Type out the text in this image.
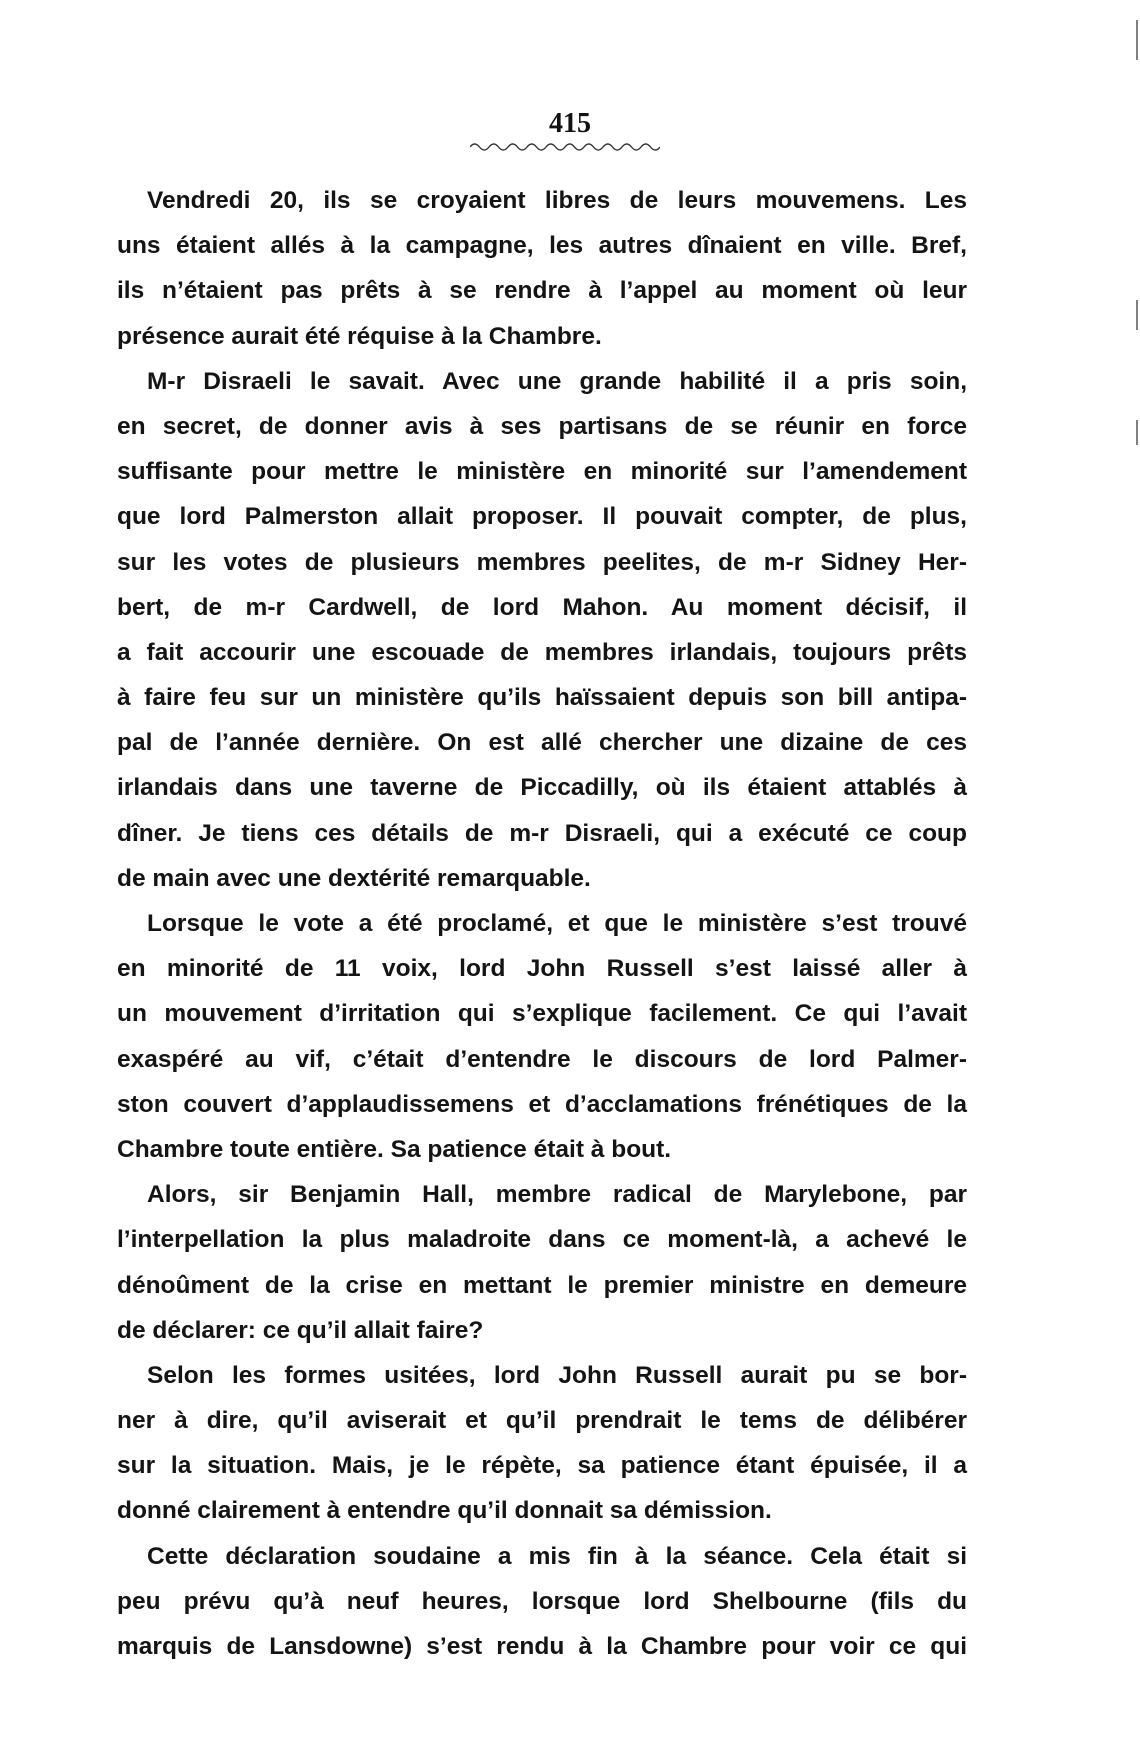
415
Vendredi 20, ils se croyaient libres de leurs mouvemens. Les
uns étaient allés à la campagne, les autres dînaient en ville. Bref,
ils n’étaient pas prêts à se rendre à l’appel au moment où leur
présence aurait été réquise à la Chambre.
M-r Disraeli le savait. Avec une grande habilité il a pris soin,
en secret, de donner avis à ses partisans de se réunir en force
suffisante pour mettre le ministère en minorité sur l’amendement
que lord Palmerston allait proposer. Il pouvait compter, de plus,
sur les votes de plusieurs membres peelites, de m-r Sidney Her-
bert, de m-r Cardwell, de lord Mahon. Au moment décisif, il
a fait accourir une escouade de membres irlandais, toujours prêts
à faire feu sur un ministère qu’ils haïssaient depuis son bill antipa-
pal de l’année dernière. On est allé chercher une dizaine de ces
irlandais dans une taverne de Piccadilly, où ils étaient attablés à
dîner. Je tiens ces détails de m-r Disraeli, qui a exécuté ce coup
de main avec une dextérité remarquable.
Lorsque le vote a été proclamé, et que le ministère s’est trouvé
en minorité de 11 voix, lord John Russell s’est laissé aller à
un mouvement d’irritation qui s’explique facilement. Ce qui l’avait
exaspéré au vif, c’était d’entendre le discours de lord Palmer-
ston couvert d’applaudissemens et d’acclamations frénétiques de la
Chambre toute entière. Sa patience était à bout.
Alors, sir Benjamin Hall, membre radical de Marylebone, par
l’interpellation la plus maladroite dans ce moment-là, a achevé le
dénoûment de la crise en mettant le premier ministre en demeure
de déclarer: ce qu’il allait faire?
Selon les formes usitées, lord John Russell aurait pu se bor-
ner à dire, qu’il aviserait et qu’il prendrait le tems de délibérer
sur la situation. Mais, je le répète, sa patience étant épuisée, il a
donné clairement à entendre qu’il donnait sa démission.
Cette déclaration soudaine a mis fin à la séance. Cela était si
peu prévu qu’à neuf heures, lorsque lord Shelbourne (fils du
marquis de Lansdowne) s’est rendu à la Chambre pour voir ce qui
